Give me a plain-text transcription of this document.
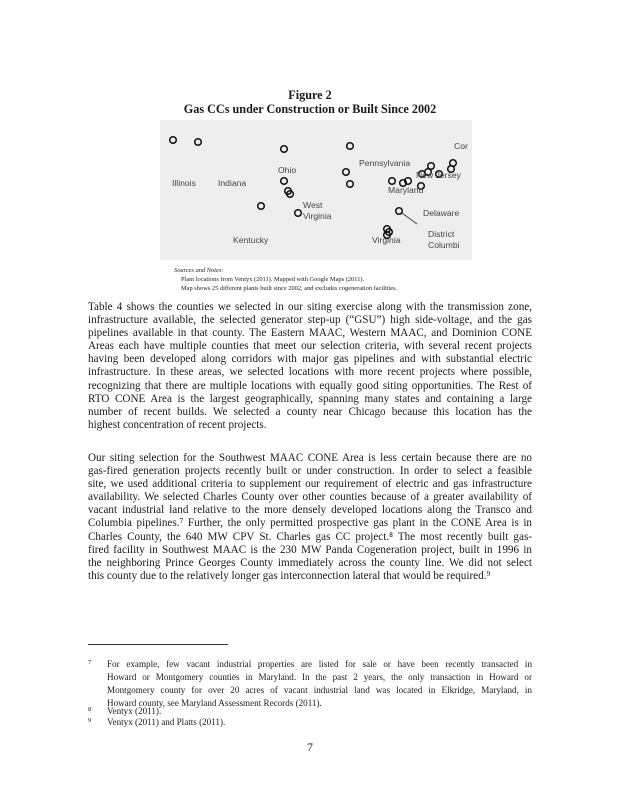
Figure 2
Gas CCs under Construction or Built Since 2002
Illinois	Indiana
Ohio
Pennsylvania
Cor
New Jersey
Maryland
Delaware
West
Virginia
District
Columbi
Kentucky	Virginia
Sources and Notes:
Plant locations from Ventyx (2011). Mapped with Google Maps (2011).
Map shows 25 different plants built since 2002, and excludes cogeneration facilities.
Table 4 shows the counties we selected in our siting exercise along with the transmission zone,
infrastructure available, the selected generator step-up (“GSU”) high side-voltage, and the gas
pipelines available in that county. The Eastern MAAC, Western MAAC, and Dominion CONE
Areas each have multiple counties that meet our selection criteria, with several recent projects
having been developed along corridors with major gas pipelines and with substantial electric
infrastructure. In these areas, we selected locations with more recent projects where possible,
recognizing that there are multiple locations with equally good siting opportunities. The Rest of
RTO CONE Area is the largest geographically, spanning many states and containing a large
number of recent builds. We selected a county near Chicago because this location has the
highest concentration of recent projects.
Our siting selection for the Southwest MAAC CONE Area is less certain because there are no
gas-fired generation projects recently built or under construction. In order to select a feasible
site, we used additional criteria to supplement our requirement of electric and gas infrastructure
availability. We selected Charles County over other counties because of a greater availability of
vacant industrial land relative to the more densely developed locations along the Transco and
Columbia pipelines.⁷ Further, the only permitted prospective gas plant in the CONE Area is in
Charles County, the 640 MW CPV St. Charles gas CC project.⁸ The most recently built gas-
fired facility in Southwest MAAC is the 230 MW Panda Cogeneration project, built in 1996 in
the neighboring Prince Georges County immediately across the county line. We did not select
this county due to the relatively longer gas interconnection lateral that would be required.⁹
7 For example, few vacant industrial properties are listed for sale or have been recently transacted in
Howard or Montgomery counties in Maryland. In the past 2 years, the only transaction in Howard or
Montgomery county for over 20 acres of vacant industrial land was located in Elkridge, Maryland, in
Howard county, see Maryland Assessment Records (2011).
8 Ventyx (2011).
9 Ventyx (2011) and Platts (2011).
7
